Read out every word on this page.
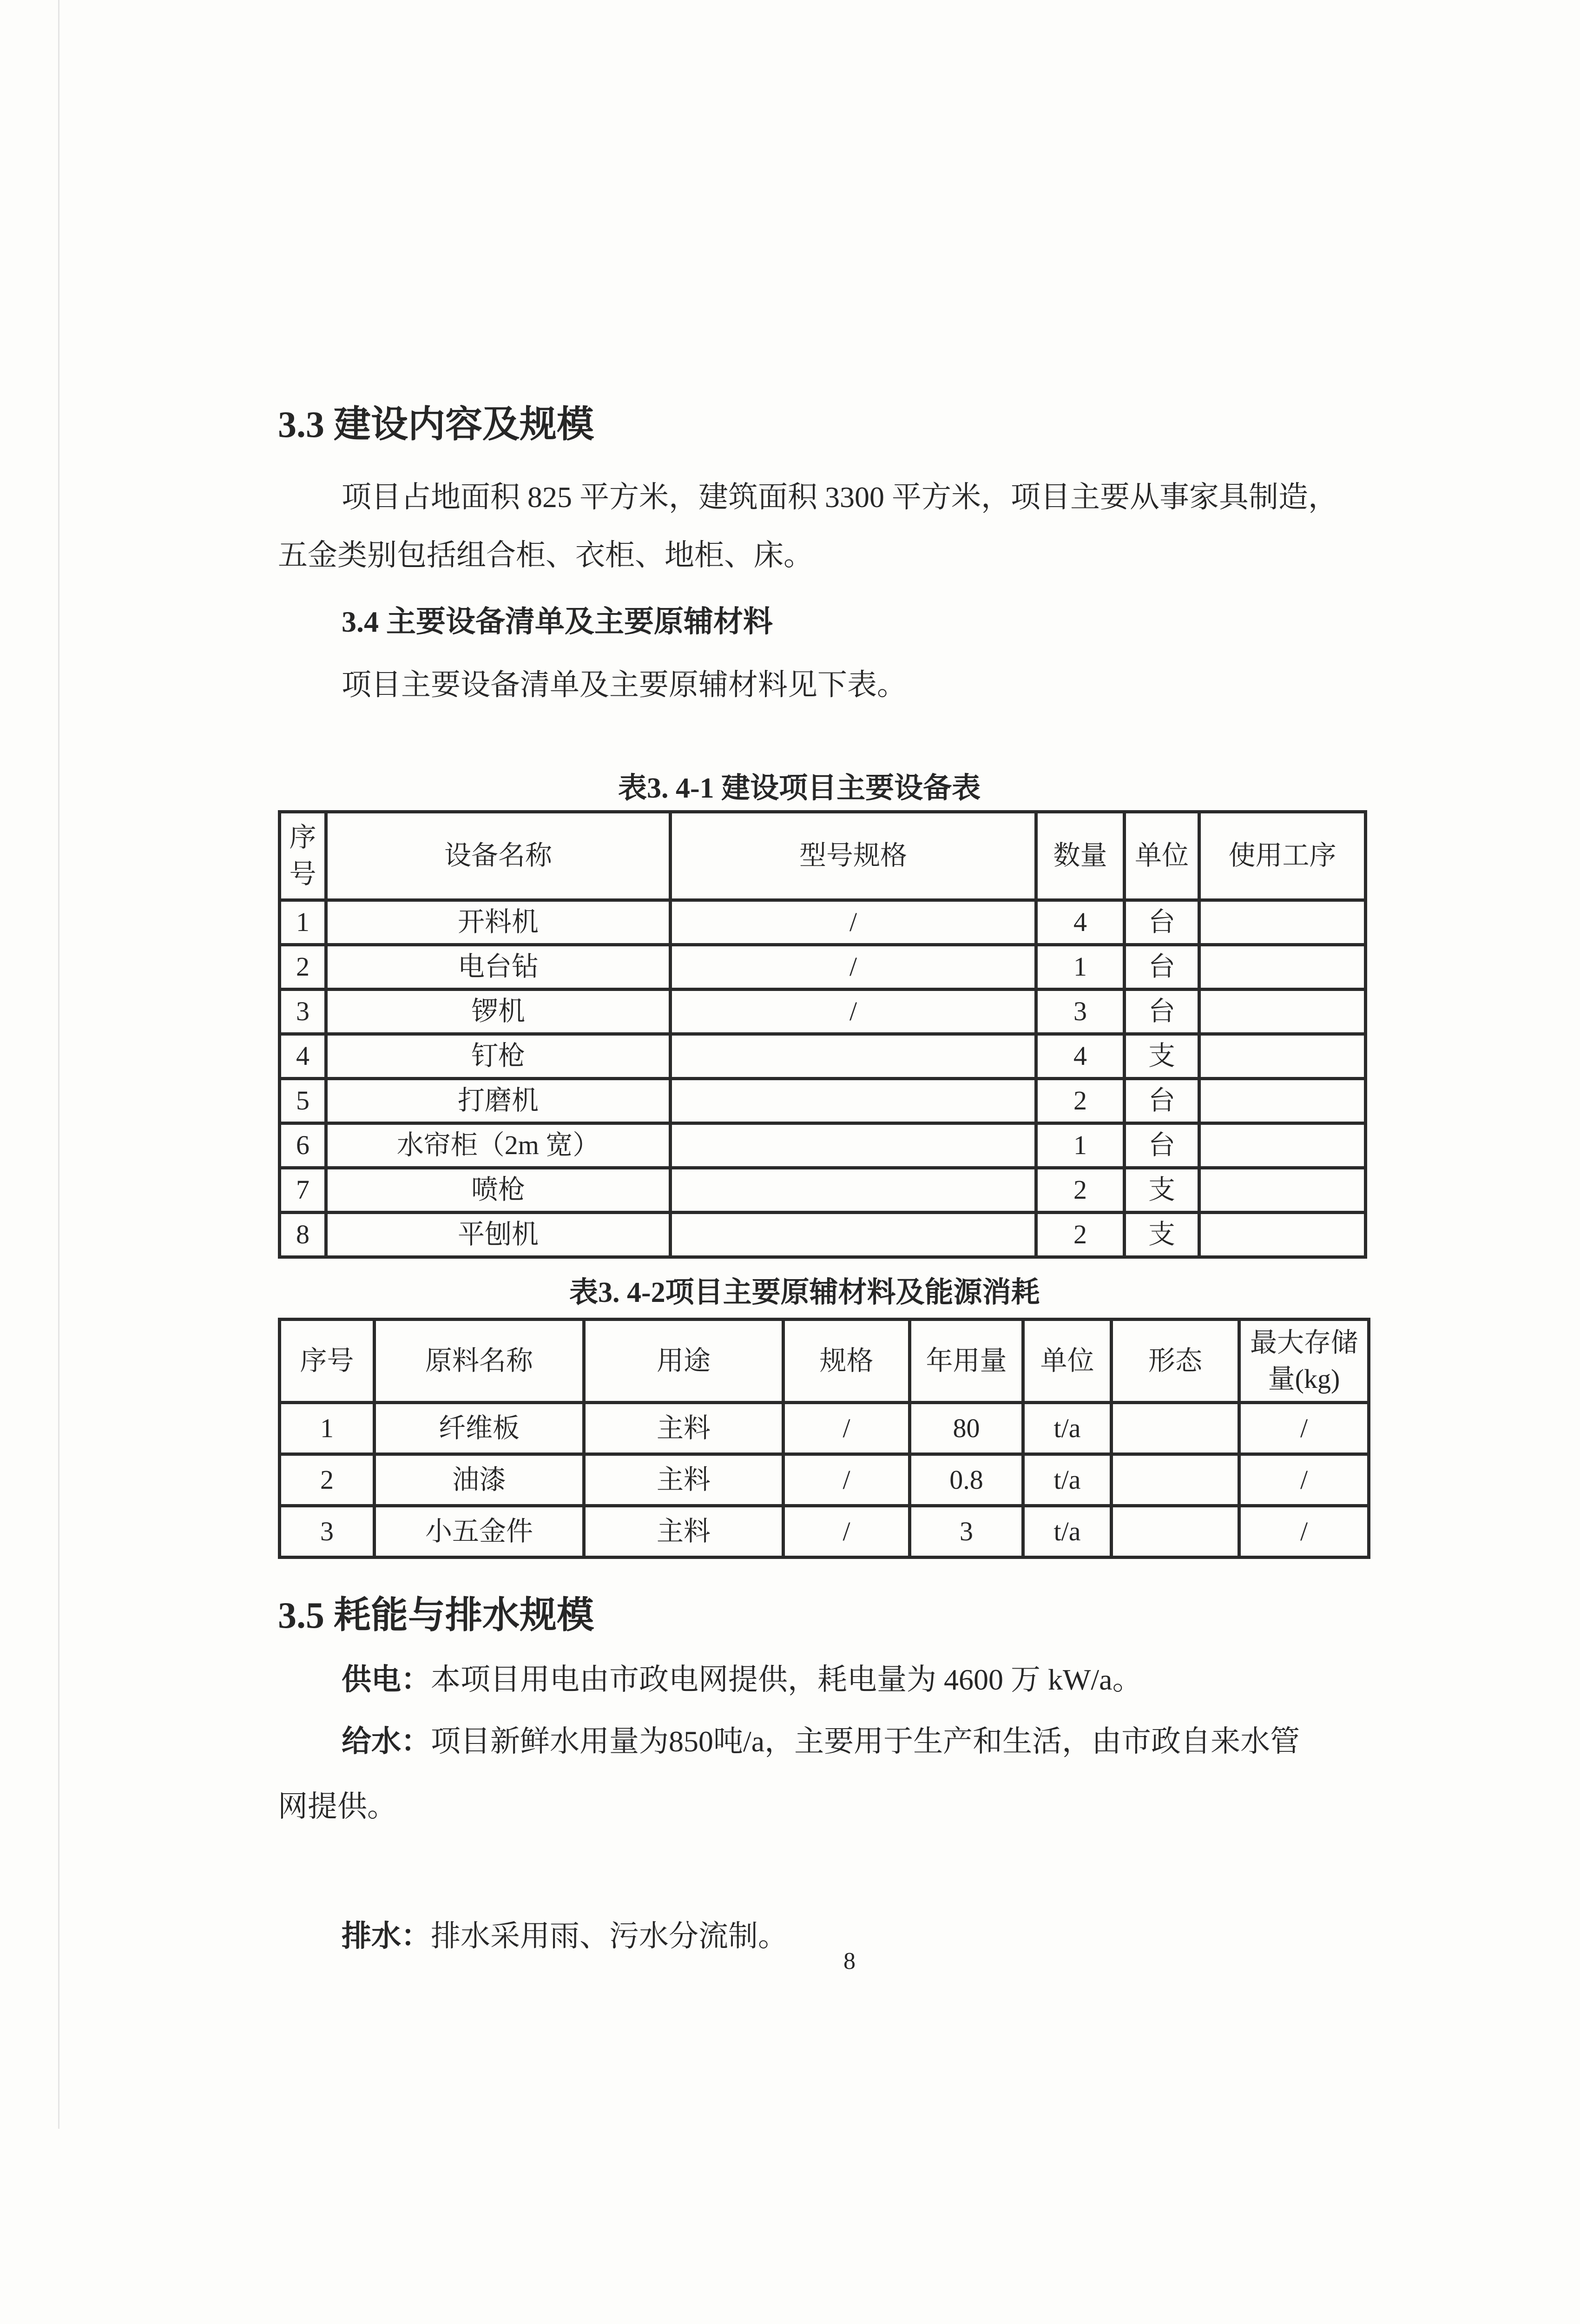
3.3 建设内容及规模
项目占地面积 825 平方米，建筑面积 3300 平方米，项目主要从事家具制造，
五金类别包括组合柜、衣柜、地柜、床。
3.4 主要设备清单及主要原辅材料
项目主要设备清单及主要原辅材料见下表。
表3. 4-1 建设项目主要设备表
序号	设备名称	型号规格	数量	单位	使用工序
1	开料机	/	4	台	
2	电台钻	/	1	台	
3	锣机	/	3	台	
4	钉枪		4	支	
5	打磨机		2	台	
6	水帘柜（2m 宽）		1	台	
7	喷枪		2	支	
8	平刨机		2	支	
表3. 4-2项目主要原辅材料及能源消耗
序号	原料名称	用途	规格	年用量	单位	形态	最大存储量(kg)
1	纤维板	主料	/	80	t/a		/
2	油漆	主料	/	0.8	t/a		/
3	小五金件	主料	/	3	t/a		/
3.5 耗能与排水规模
供电：本项目用电由市政电网提供，耗电量为 4600 万 kW/a。
给水：项目新鲜水用量为850吨/a，主要用于生产和生活，由市政自来水管
网提供。
排水：排水采用雨、污水分流制。
8
